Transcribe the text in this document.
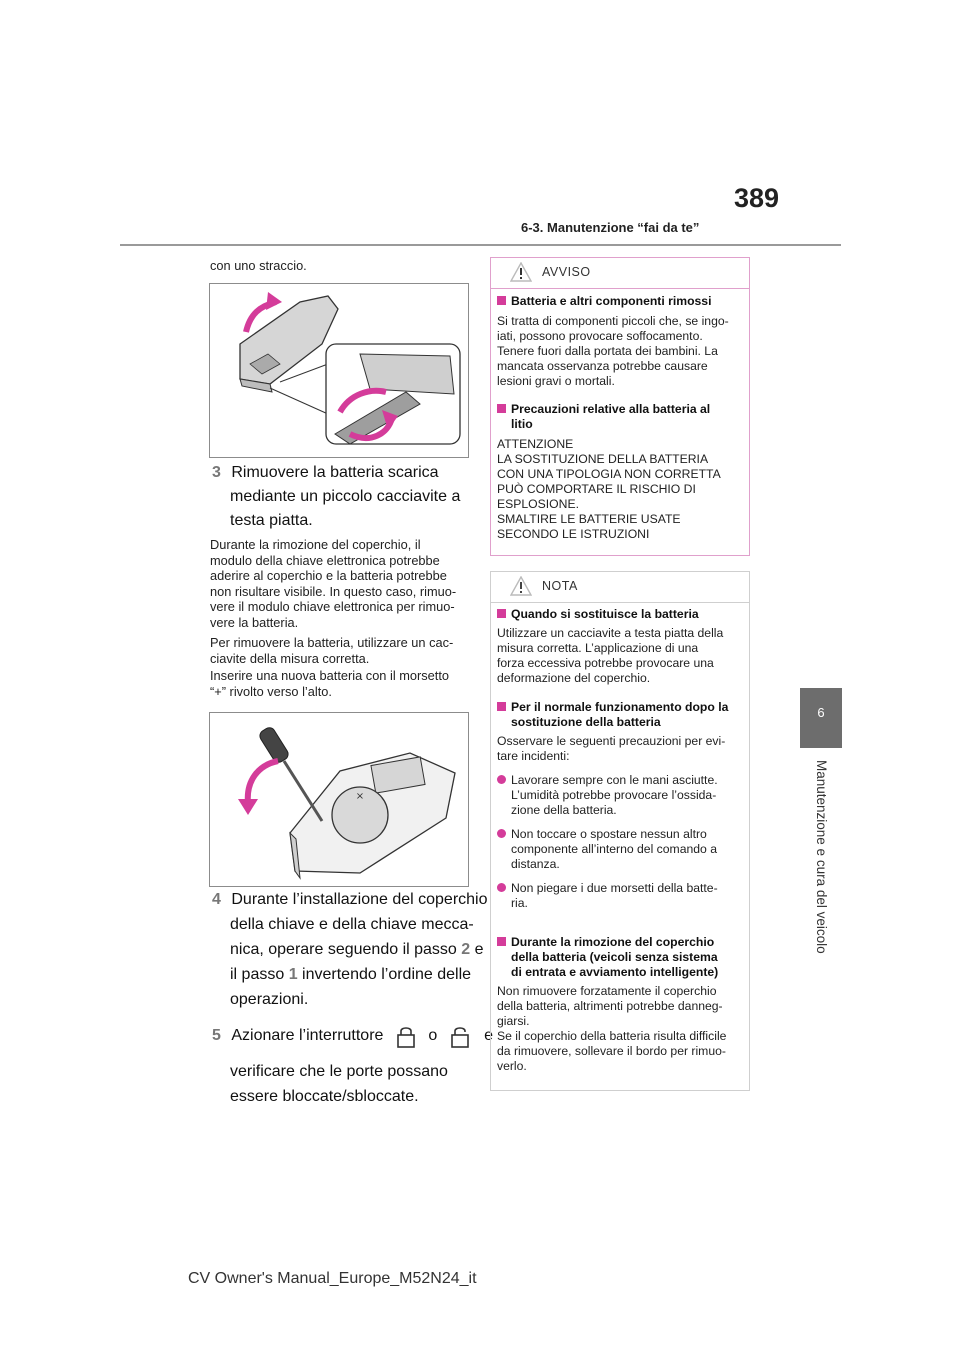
389
6-3. Manutenzione “fai da te”
6
Manutenzione e cura del veicolo
con uno straccio.
3 Rimuovere la batteria scarica
mediante un piccolo cacciavite a
testa piatta.
Durante la rimozione del coperchio, il
modulo della chiave elettronica potrebbe
aderire al coperchio e la batteria potrebbe
non risultare visibile. In questo caso, rimuo-
vere il modulo chiave elettronica per rimuo-
vere la batteria.
Per rimuovere la batteria, utilizzare un cac-
ciavite della misura corretta.
Inserire una nuova batteria con il morsetto
“+” rivolto verso l’alto.
×
4 Durante l’installazione del coperchio
della chiave e della chiave mecca-
nica, operare seguendo il passo 2 e
il passo 1 invertendo l’ordine delle
operazioni.
5 Azionare l’interruttore	o	e
verificare che le porte possano
essere bloccate/sbloccate.
AVVISO
Batteria e altri componenti rimossi
Si tratta di componenti piccoli che, se ingo-
iati, possono provocare soffocamento.
Tenere fuori dalla portata dei bambini. La
mancata osservanza potrebbe causare
lesioni gravi o mortali.
Precauzioni relative alla batteria al
litio
ATTENZIONE
LA SOSTITUZIONE DELLA BATTERIA
CON UNA TIPOLOGIA NON CORRETTA
PUÒ COMPORTARE IL RISCHIO DI
ESPLOSIONE.
SMALTIRE LE BATTERIE USATE
SECONDO LE ISTRUZIONI
NOTA
Quando si sostituisce la batteria
Utilizzare un cacciavite a testa piatta della
misura corretta. L’applicazione di una
forza eccessiva potrebbe provocare una
deformazione del coperchio.
Per il normale funzionamento dopo la
sostituzione della batteria
Osservare le seguenti precauzioni per evi-
tare incidenti:
Lavorare sempre con le mani asciutte.
L’umidità potrebbe provocare l’ossida-
zione della batteria.
Non toccare o spostare nessun altro
componente all’interno del comando a
distanza.
Non piegare i due morsetti della batte-
ria.
Durante la rimozione del coperchio
della batteria (veicoli senza sistema
di entrata e avviamento intelligente)
Non rimuovere forzatamente il coperchio
della batteria, altrimenti potrebbe danneg-
giarsi.
Se il coperchio della batteria risulta difficile
da rimuovere, sollevare il bordo per rimuo-
verlo.
CV Owner's Manual_Europe_M52N24_it
